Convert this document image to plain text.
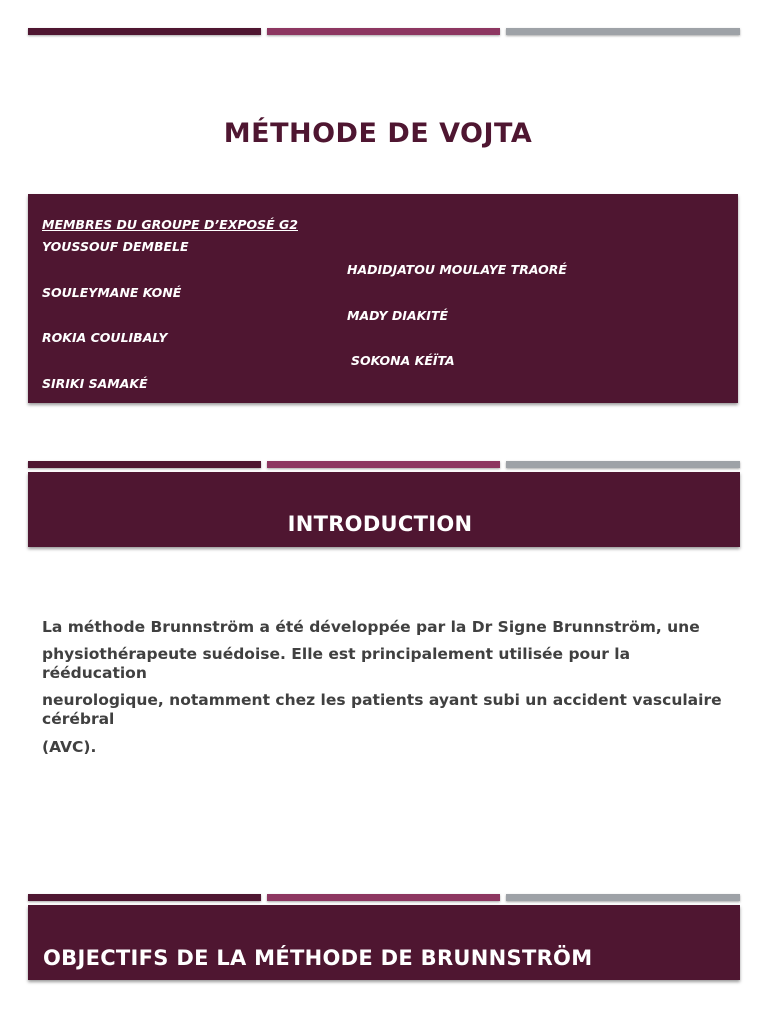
MÉTHODE DE VOJTA
MEMBRES DU GROUPE D’EXPOSÉ G2
YOUSSOUF DEMBELE
HADIDJATOU MOULAYE TRAORÉ
SOULEYMANE KONÉ
MADY DIAKITÉ
ROKIA COULIBALY
SOKONA KÉÏTA
SIRIKI SAMAKÉ
INTRODUCTION
La méthode Brunnström a été développée par la Dr Signe Brunnström, une
physiothérapeute suédoise. Elle est principalement utilisée pour la rééducation
neurologique, notamment chez les patients ayant subi un accident vasculaire cérébral
(AVC).
OBJECTIFS DE LA MÉTHODE DE BRUNNSTRÖM
